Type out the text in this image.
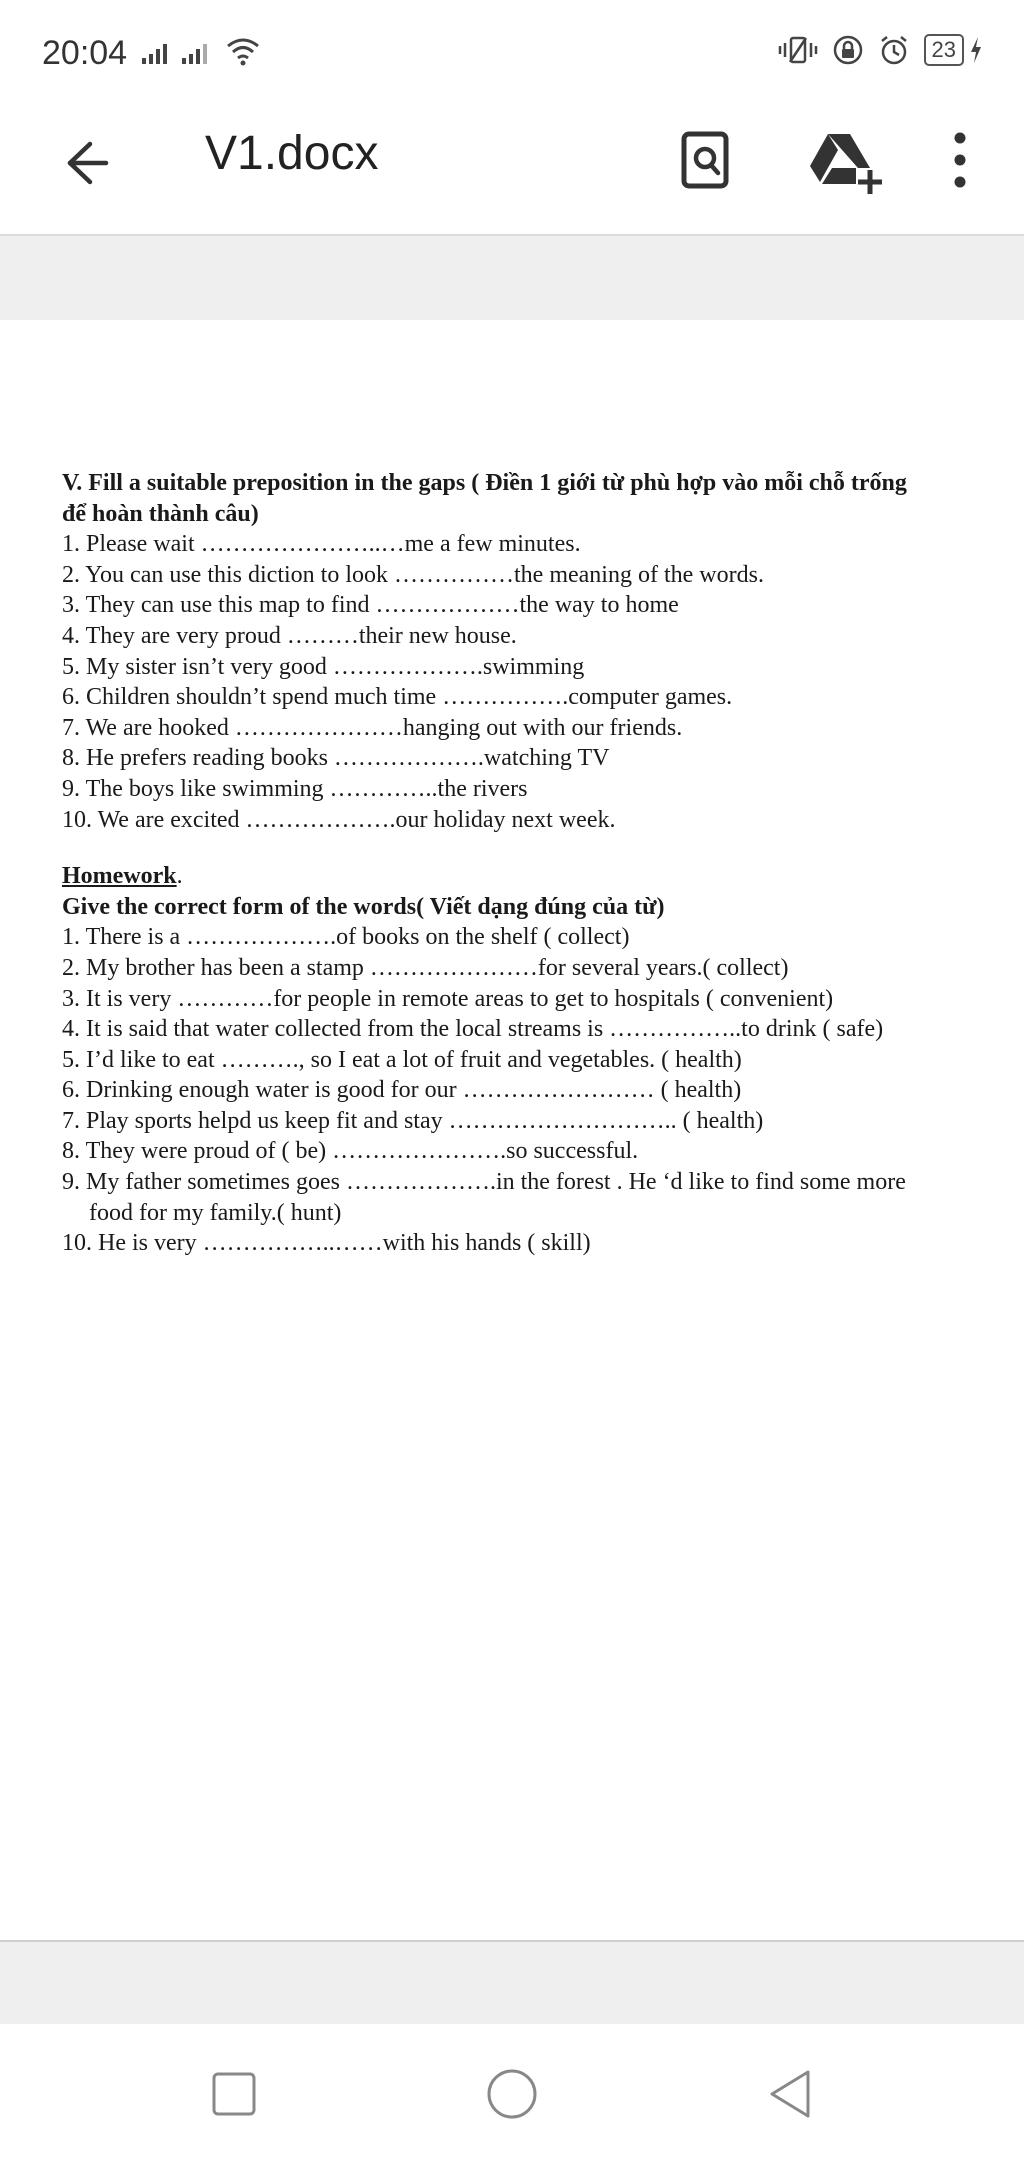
20:04	23
V1.docx

V. Fill a suitable preposition in the gaps ( Điền 1 giới từ phù hợp vào mỗi chỗ trống

để hoàn thành câu)

1. Please wait …………………..…me a few minutes.

2. You can use this diction to look ……………the meaning of the words.

3. They can use this map to find ………………the way to home

4. They are very proud ………their new house.

5. My sister isn’t very good ……………….swimming

6. Children shouldn’t spend much time …………….computer games.

7. We are hooked …………………hanging out with our friends.

8. He prefers reading books ……………….watching TV

9. The boys like swimming …………..the rivers

10. We are excited ……………….our holiday next week.

Homework.

Give the correct form of the words( Viết dạng đúng của từ)

1. There is a ……………….of books on the shelf ( collect)

2. My brother has been a stamp …………………for several years.( collect)

3. It is very …………for people in remote areas to get to hospitals ( convenient)

4. It is said that water collected from the local streams is ……………..to drink ( safe)

5. I’d like to eat ………., so I eat a lot of fruit and vegetables. ( health)

6. Drinking enough water is good for our …………………… ( health)

7. Play sports helpd us keep fit and stay ……………………….. ( health)

8. They were proud of ( be) ………………….so successful.

9. My father sometimes goes ……………….in the forest . He ‘d like to find some more

food for my family.( hunt)

10. He is very ……………..……with his hands ( skill)
